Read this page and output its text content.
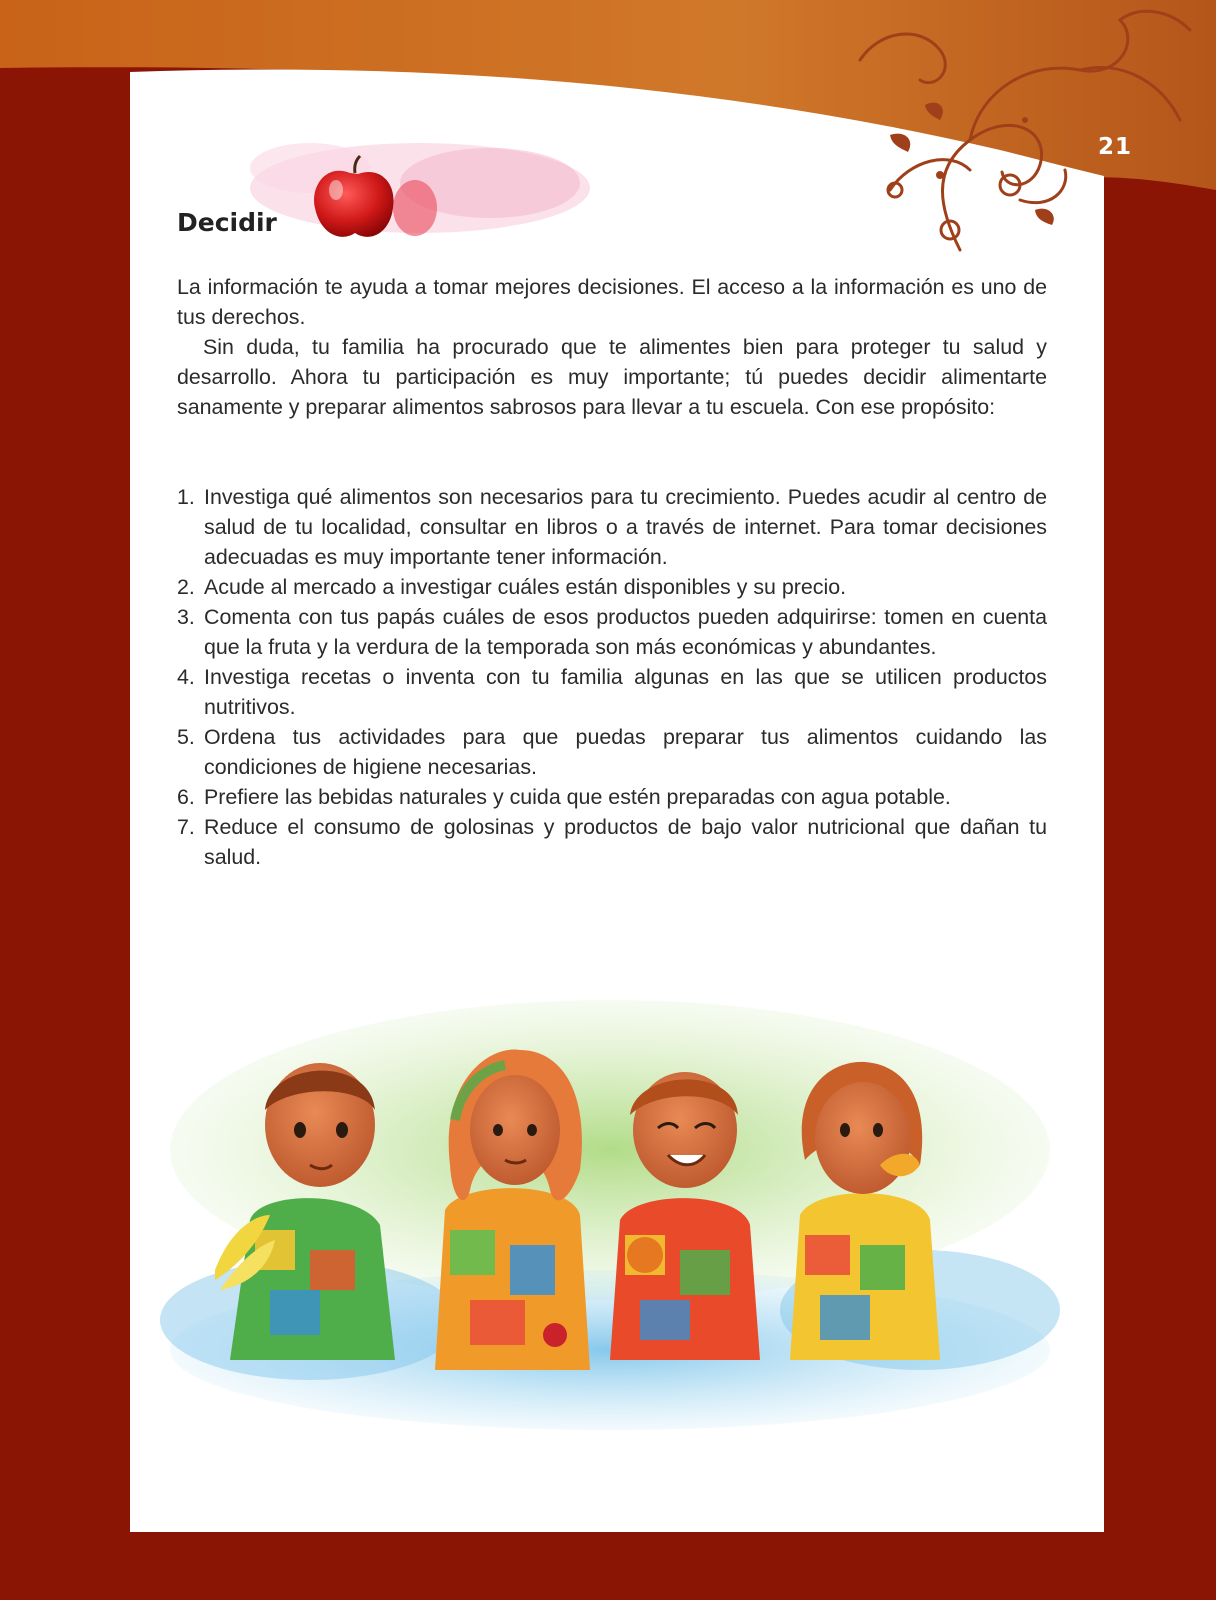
21
Decidir

La información te ayuda a tomar mejores decisiones. El acceso a la información es uno de tus derechos.

Sin duda, tu familia ha procurado que te alimentes bien para proteger tu salud y desarrollo. Ahora tu participación es muy importante; tú puedes decidir alimentarte sanamente y preparar alimentos sabrosos para llevar a tu escuela. Con ese propósito:

1. Investiga qué alimentos son necesarios para tu crecimiento. Puedes acudir al centro de salud de tu localidad, consultar en libros o a través de internet. Para tomar decisiones adecuadas es muy importante tener información.
2. Acude al mercado a investigar cuáles están disponibles y su precio.
3. Comenta con tus papás cuáles de esos productos pueden adquirirse: tomen en cuenta que la fruta y la verdura de la temporada son más económicas y abundantes.
4. Investiga recetas o inventa con tu familia algunas en las que se utilicen productos nutritivos.
5. Ordena tus actividades para que puedas preparar tus alimentos cuidando las condiciones de higiene necesarias.
6. Prefiere las bebidas naturales y cuida que estén preparadas con agua potable.
7. Reduce el consumo de golosinas y productos de bajo valor nutricional que dañan tu salud.
